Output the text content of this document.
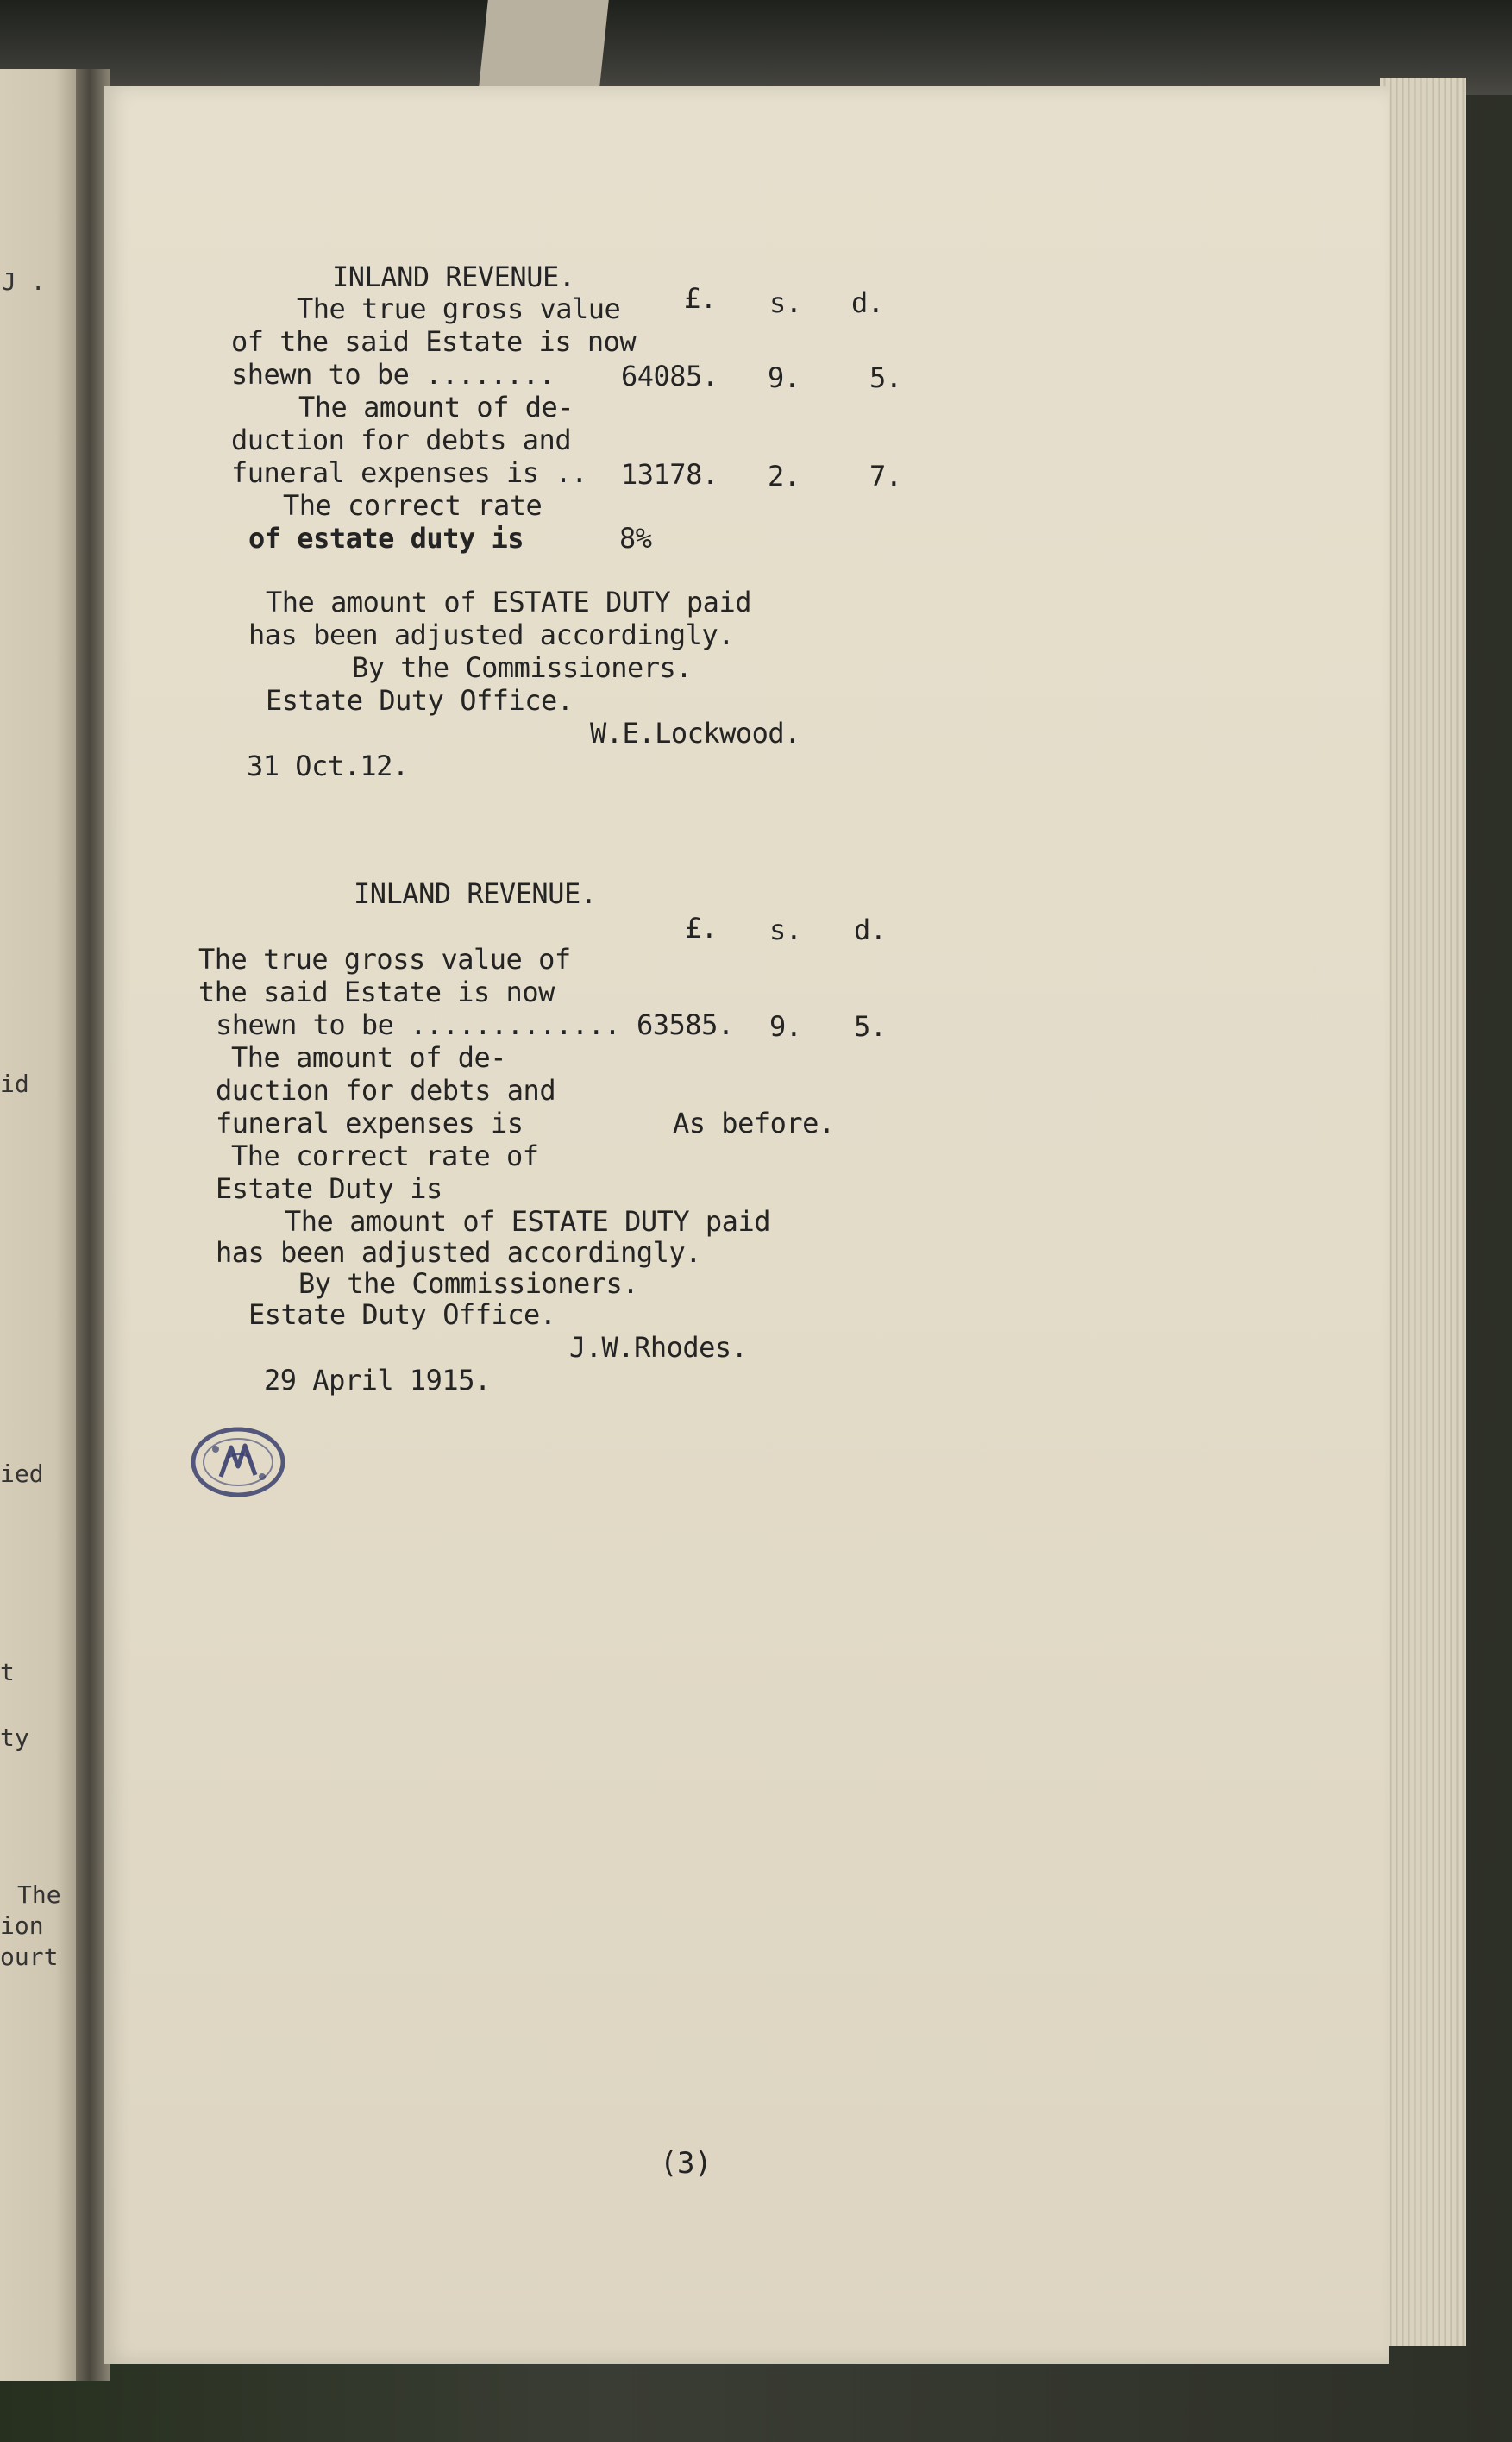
J .
id
ied
t
ty
The
ion
ourt
INLAND REVENUE.
£. s. d.
The true gross value
of the said Estate is now
shewn to be ........ 64085. 9.	5.
The amount of de-
duction for debts and
funeral expenses is .. 13178. 2.	7.
The correct rate
of estate duty is	8%
The amount of ESTATE DUTY paid
has been adjusted accordingly.
By the Commissioners.
Estate Duty Office.
W.E.Lockwood.
31 Oct.12.
INLAND REVENUE.
£. s. d.
The true gross value of
the said Estate is now
shewn to be ............. 63585. 9. 5.
The amount of de-
duction for debts and
funeral expenses is	As before.
The correct rate of
Estate Duty is
The amount of ESTATE DUTY paid
has been adjusted accordingly.
By the Commissioners.
Estate Duty Office.
J.W.Rhodes.
29 April 1915.
(3)
